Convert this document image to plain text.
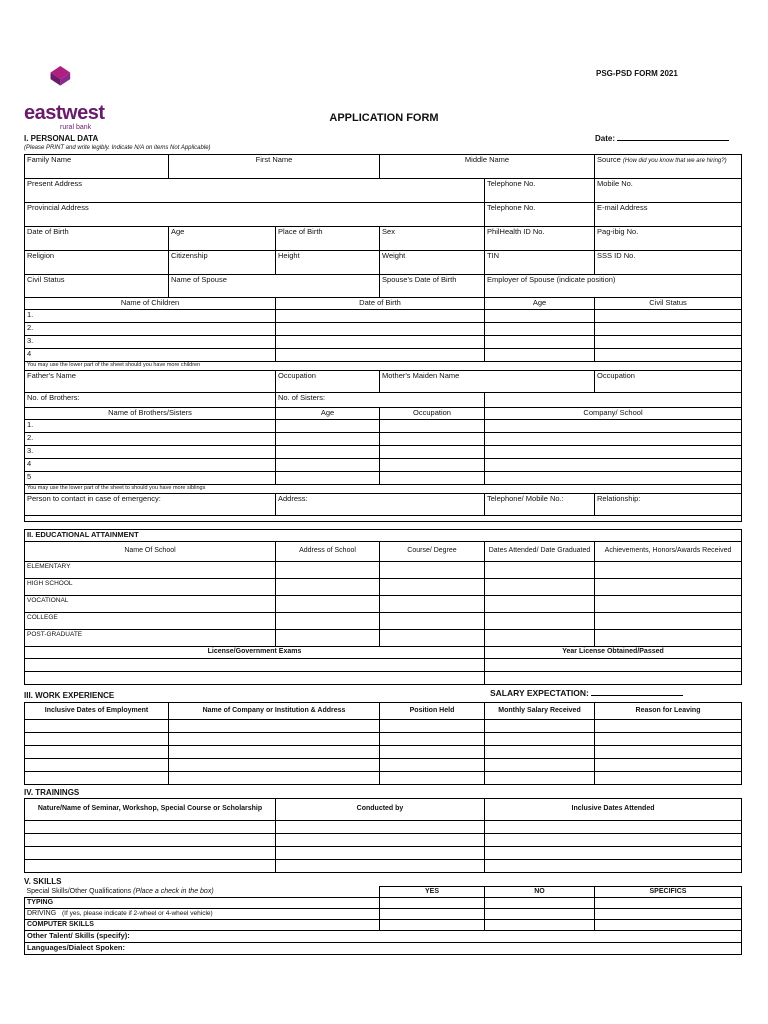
eastwest
rural bank
PSG-PSD FORM 2021
APPLICATION FORM
I. PERSONAL DATA
(Please PRINT and write legibly. Indicate N/A on items Not Applicable)
Date:
Family Name	First Name		Middle Name		Source (How did you know that we are hiring?)
Present Address				Telephone No.	Mobile No.
Provincial Address				Telephone No.	E-mail Address
Date of Birth	Age	Place of Birth	Sex	PhilHealth ID No.	Pag-ibig No.
Religion	Citizenship	Height	Weight	TIN	SSS ID No.
Civil Status	Name of Spouse		Spouse's Date of Birth	Employer of Spouse (indicate position)	
Name of Children		Date of Birth		Age	Civil Status
1.					
2.					
3.					
4					
You may use the lower part of the sheet should you have more children					
Father's Name		Occupation	Mother's Maiden Name		Occupation
No. of Brothers:		No. of Sisters:			
Name of Brothers/Sisters		Age	Occupation	Company/ School	
1.					
2.					
3.					
4					
5					
You may use the lower part of the sheet to should you have more siblings					
Person to contact in case of emergency:		Address:		Telephone/ Mobile No.:	Relationship:

II. EDUCATIONAL ATTAINMENT				
Name Of School	Address of School	Course/ Degree	Dates Attended/ Date Graduated	Achievements, Honors/Awards Received
ELEMENTARY				
HIGH SCHOOL				
VOCATIONAL				
COLLEGE				
POST-GRADUATE				
License/Government Exams			Year License Obtained/Passed	

III. WORK EXPERIENCE	SALARY EXPECTATION:
Inclusive Dates of Employment	Name of Company or Institution & Address	Position Held	Monthly Salary Received	Reason for Leaving

IV. TRAININGS
Nature/Name of Seminar, Workshop, Special Course or Scholarship	Conducted by	Inclusive Dates Attended

V. SKILLS
Special Skills/Other Qualifications (Place a check in the box)	YES	NO	SPECIFICS
TYPING			
DRIVING (If yes, please indicate if 2-wheel or 4-wheel vehicle)			
COMPUTER SKILLS			
Other Talent/ Skills (specify):			
Languages/Dialect Spoken:			
